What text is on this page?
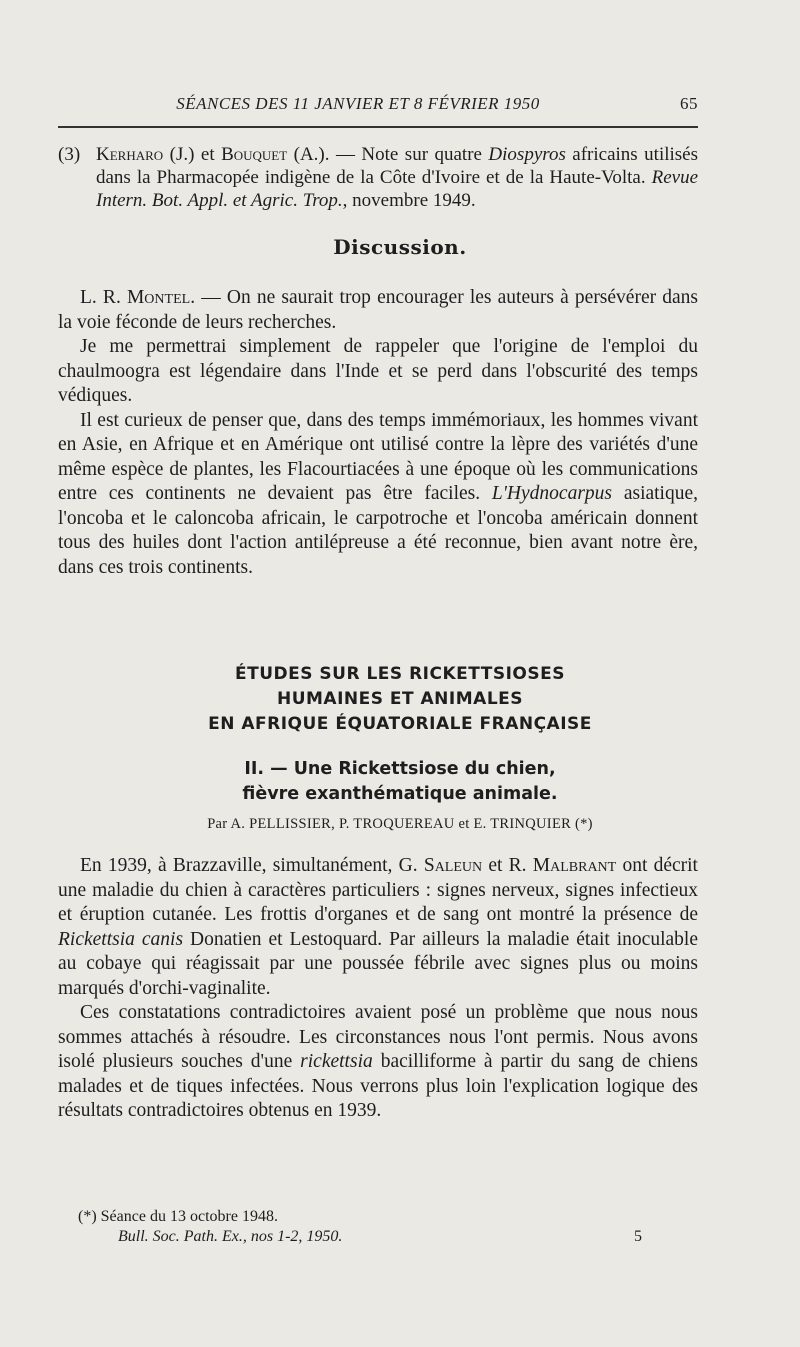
SÉANCES DES 11 JANVIER ET 8 FÉVRIER 1950	65
(3) Kerharo (J.) et Bouquet (A.). — Note sur quatre Diospyros africains utilisés dans la Pharmacopée indigène de la Côte d'Ivoire et de la Haute-Volta. Revue Intern. Bot. Appl. et Agric. Trop., novembre 1949.
Discussion.

L. R. Montel. — On ne saurait trop encourager les auteurs à persévérer dans la voie féconde de leurs recherches.

Je me permettrai simplement de rappeler que l'origine de l'emploi du chaulmoogra est légendaire dans l'Inde et se perd dans l'obscurité des temps védiques.

Il est curieux de penser que, dans des temps immémoriaux, les hommes vivant en Asie, en Afrique et en Amérique ont utilisé contre la lèpre des variétés d'une même espèce de plantes, les Flacourtiacées à une époque où les communications entre ces continents ne devaient pas être faciles. L'Hydnocarpus asiatique, l'oncoba et le caloncoba africain, le carpotroche et l'oncoba américain donnent tous des huiles dont l'action antilépreuse a été reconnue, bien avant notre ère, dans ces trois continents.

ÉTUDES SUR LES RICKETTSIOSES
HUMAINES ET ANIMALES
EN AFRIQUE ÉQUATORIALE FRANÇAISE
II. — Une Rickettsiose du chien,
fièvre exanthématique animale.
Par A. PELLISSIER, P. TROQUEREAU et E. TRINQUIER (*)

En 1939, à Brazzaville, simultanément, G. Saleun et R. Malbrant ont décrit une maladie du chien à caractères particuliers : signes nerveux, signes infectieux et éruption cutanée. Les frottis d'organes et de sang ont montré la présence de Rickettsia canis Donatien et Lestoquard. Par ailleurs la maladie était inoculable au cobaye qui réagissait par une poussée fébrile avec signes plus ou moins marqués d'orchi-vaginalite.

Ces constatations contradictoires avaient posé un problème que nous nous sommes attachés à résoudre. Les circonstances nous l'ont permis. Nous avons isolé plusieurs souches d'une rickettsia bacilliforme à partir du sang de chiens malades et de tiques infectées. Nous verrons plus loin l'explication logique des résultats contradictoires obtenus en 1939.

(*) Séance du 13 octobre 1948.
Bull. Soc. Path. Ex., nos 1-2, 1950.	5
